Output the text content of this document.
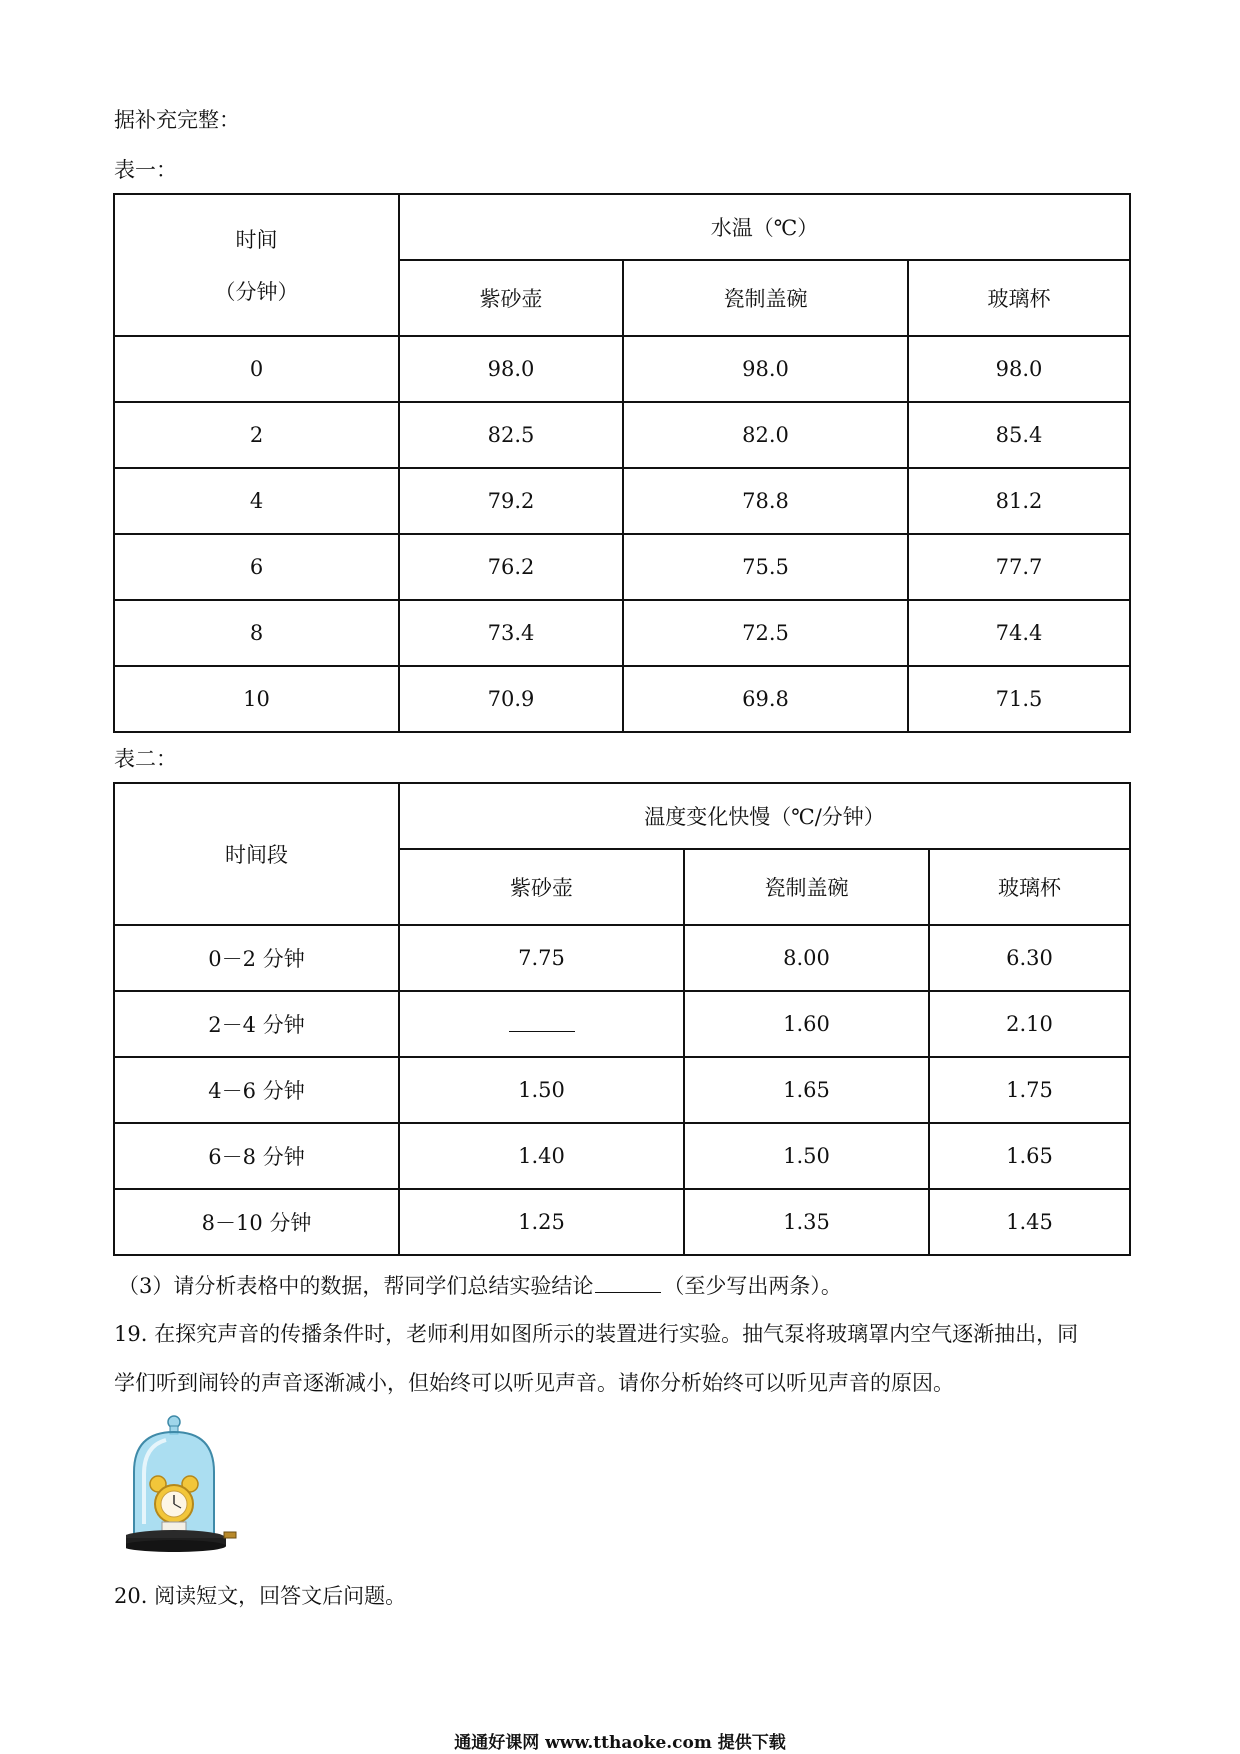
据补充完整：
表一：
时间
（分钟）	水温（℃）		
	紫砂壶	瓷制盖碗	玻璃杯
0	98.0	98.0	98.0
2	82.5	82.0	85.4
4	79.2	78.8	81.2
6	76.2	75.5	77.7
8	73.4	72.5	74.4
10	70.9	69.8	71.5
表二：
时间段	温度变化快慢（℃/分钟）		
	紫砂壶	瓷制盖碗	玻璃杯
0－2 分钟	7.75	8.00	6.30
2－4 分钟		1.60	2.10
4－6 分钟	1.50	1.65	1.75
6－8 分钟	1.40	1.50	1.65
8－10 分钟	1.25	1.35	1.45
（3）请分析表格中的数据，帮同学们总结实验结论	（至少写出两条）。
19. 在探究声音的传播条件时，老师利用如图所示的装置进行实验。抽气泵将玻璃罩内空气逐渐抽出，同
学们听到闹铃的声音逐渐减小，但始终可以听见声音。请你分析始终可以听见声音的原因。
20. 阅读短文，回答文后问题。
通通好课网 www.tthaoke.com 提供下载
